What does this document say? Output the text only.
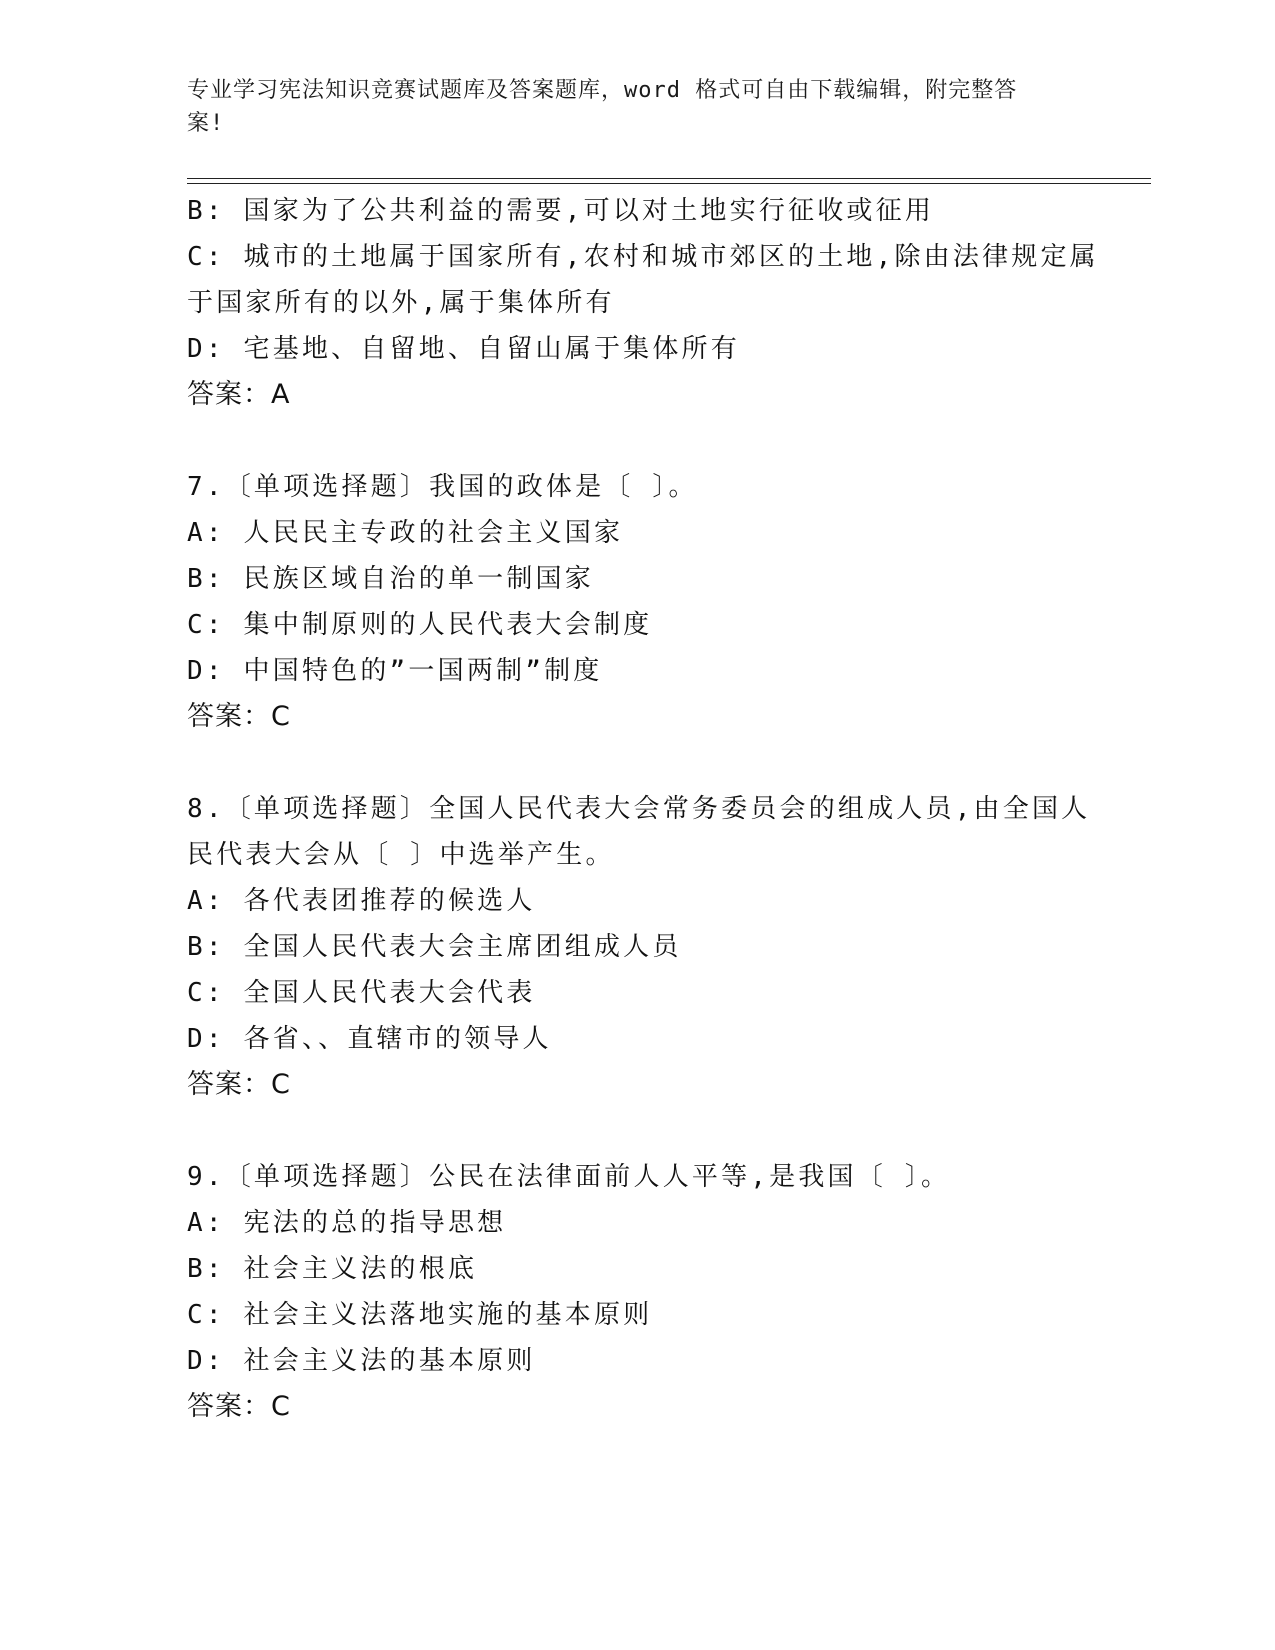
专业学习宪法知识竞赛试题库及答案题库，word 格式可自由下载编辑，附完整答
案!
B: 国家为了公共利益的需要,可以对土地实行征收或征用
C: 城市的土地属于国家所有,农村和城市郊区的土地,除由法律规定属
于国家所有的以外,属于集体所有
D: 宅基地、自留地、自留山属于集体所有
答案：A
7.〔单项选择题〕我国的政体是〔 〕。
A: 人民民主专政的社会主义国家
B: 民族区域自治的单一制国家
C: 集中制原则的人民代表大会制度
D: 中国特色的”一国两制”制度
答案：C
8.〔单项选择题〕全国人民代表大会常务委员会的组成人员,由全国人
民代表大会从〔 〕中选举产生。
A: 各代表团推荐的候选人
B: 全国人民代表大会主席团组成人员
C: 全国人民代表大会代表
D: 各省、、直辖市的领导人
答案：C
9.〔单项选择题〕公民在法律面前人人平等,是我国〔 〕。
A: 宪法的总的指导思想
B: 社会主义法的根底
C: 社会主义法落地实施的基本原则
D: 社会主义法的基本原则
答案：C
